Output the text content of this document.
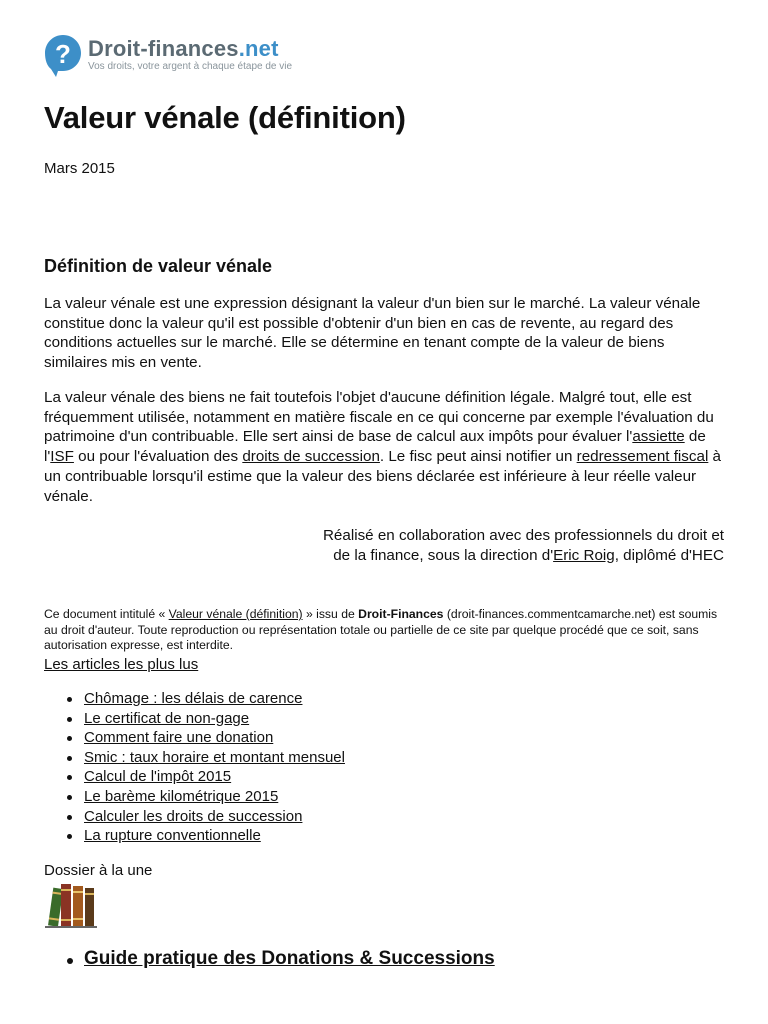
? Droit-finances.net
Vos droits, votre argent à chaque étape de vie
Valeur vénale (définition)
Mars 2015
Définition de valeur vénale

La valeur vénale est une expression désignant la valeur d'un bien sur le marché. La valeur vénale constitue donc la valeur qu'il est possible d'obtenir d'un bien en cas de revente, au regard des conditions actuelles sur le marché. Elle se détermine en tenant compte de la valeur de biens similaires mis en vente.

La valeur vénale des biens ne fait toutefois l'objet d'aucune définition légale. Malgré tout, elle est fréquemment utilisée, notamment en matière fiscale en ce qui concerne par exemple l'évaluation du patrimoine d'un contribuable. Elle sert ainsi de base de calcul aux impôts pour évaluer l'assiette de l'ISF ou pour l'évaluation des droits de succession. Le fisc peut ainsi notifier un redressement fiscal à un contribuable lorsqu'il estime que la valeur des biens déclarée est inférieure à leur réelle valeur vénale.

Réalisé en collaboration avec des professionnels du droit et de la finance, sous la direction d'Eric Roig, diplômé d'HEC

Ce document intitulé « Valeur vénale (définition) » issu de Droit-Finances (droit-finances.commentcamarche.net) est soumis au droit d'auteur. Toute reproduction ou représentation totale ou partielle de ce site par quelque procédé que ce soit, sans autorisation expresse, est interdite.

Les articles les plus lus
Chômage : les délais de carence
Le certificat de non-gage
Comment faire une donation
Smic : taux horaire et montant mensuel
Calcul de l'impôt 2015
Le barème kilométrique 2015
Calculer les droits de succession
La rupture conventionnelle
Dossier à la une
Guide pratique des Donations & Successions
